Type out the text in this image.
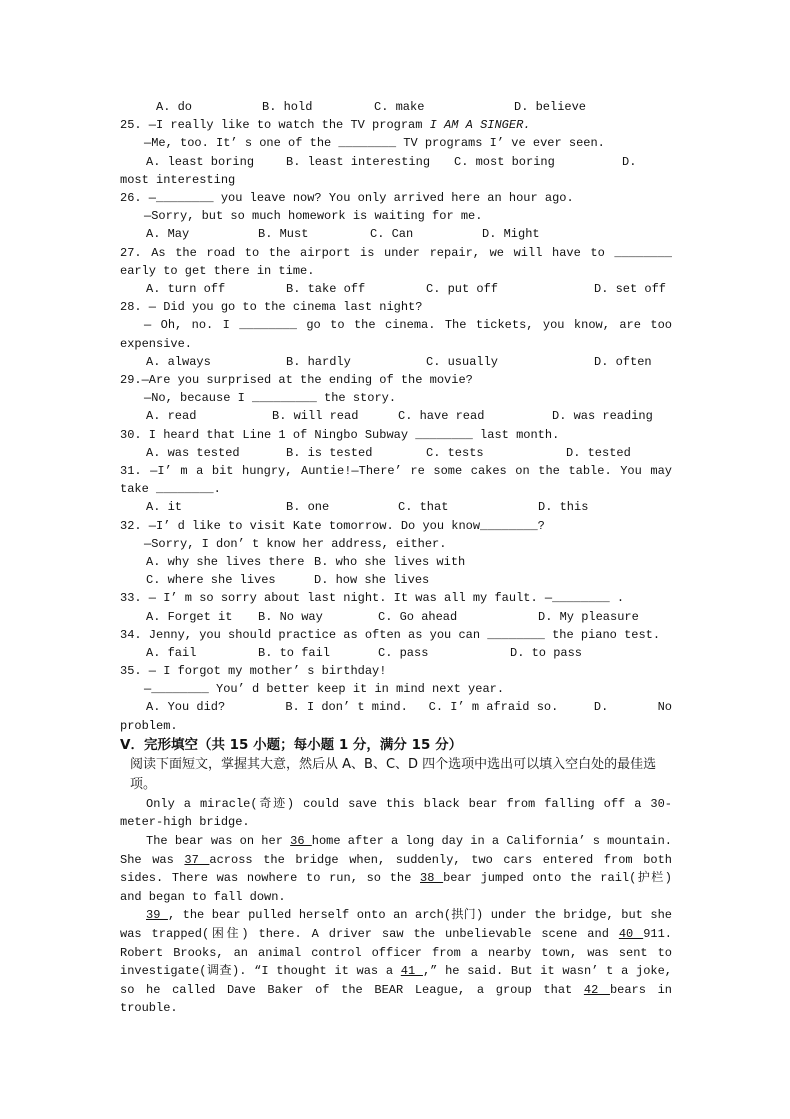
A. do	B. hold	C. make	D. believe
25. —I really like to watch the TV program I AM A SINGER.
—Me, too. It’ s one of the ________ TV programs I’ ve ever seen.
A. least boring	B. least interesting	C. most boring	D.
most interesting
26. —________ you leave now? You only arrived here an hour ago.
—Sorry, but so much homework is waiting for me.
A. May	B. Must	C. Can	D. Might
27. As the road to the airport is under repair, we will have to ________ early to get there in time.
A. turn off	B. take off	C. put off	D. set off
28. — Did you go to the cinema last night?
— Oh, no. I ________ go to the cinema. The tickets, you know, are too expensive.
A. always	B. hardly	C. usually	D. often
29.—Are you surprised at the ending of the movie?
—No, because I _________ the story.
A. read	B. will read	C. have read	D. was reading
30. I heard that Line 1 of Ningbo Subway ________ last month.
A. was tested	B. is tested	C. tests	D. tested
31. —I’ m a bit hungry, Auntie!—There’ re some cakes on the table. You may take ________.
A. it	B. one	C. that	D. this
32. —I’ d like to visit Kate tomorrow. Do you know________?
—Sorry, I don’ t know her address, either.
A. why she lives there B. who she lives with
C. where she lives	D. how she lives
33. — I’ m so sorry about last night. It was all my fault. —________ .
A. Forget it	B. No way	C. Go ahead	D. My pleasure
34. Jenny, you should practice as often as you can ________ the piano test.
A. fail	B. to fail	C. pass	D. to pass
35. — I forgot my mother’ s birthday!
—________ You’ d better keep it in mind next year.
A. You did?	B. I don’ t mind.	C. I’ m afraid so.	D.	No
problem.
V．完形填空（共 15 小题；每小题 1 分，满分 15 分）
阅读下面短文，掌握其大意，然后从 A、B、C、D 四个选项中选出可以填入空白处的最佳选项。
Only a miracle(奇迹) could save this black bear from falling off a 30-meter-high bridge.
The bear was on her 36 home after a long day in a California’ s mountain. She was 37 across the bridge when, suddenly, two cars entered from both sides. There was nowhere to run, so the 38 bear jumped onto the rail(护栏) and began to fall down.
39 , the bear pulled herself onto an arch(拱门) under the bridge, but she was trapped(困住) there. A driver saw the unbelievable scene and 40 911. Robert Brooks, an animal control officer from a nearby town, was sent to investigate(调查). “I thought it was a 41 ,” he said. But it wasn’ t a joke, so he called Dave Baker of the BEAR League, a group that 42 bears in trouble.
